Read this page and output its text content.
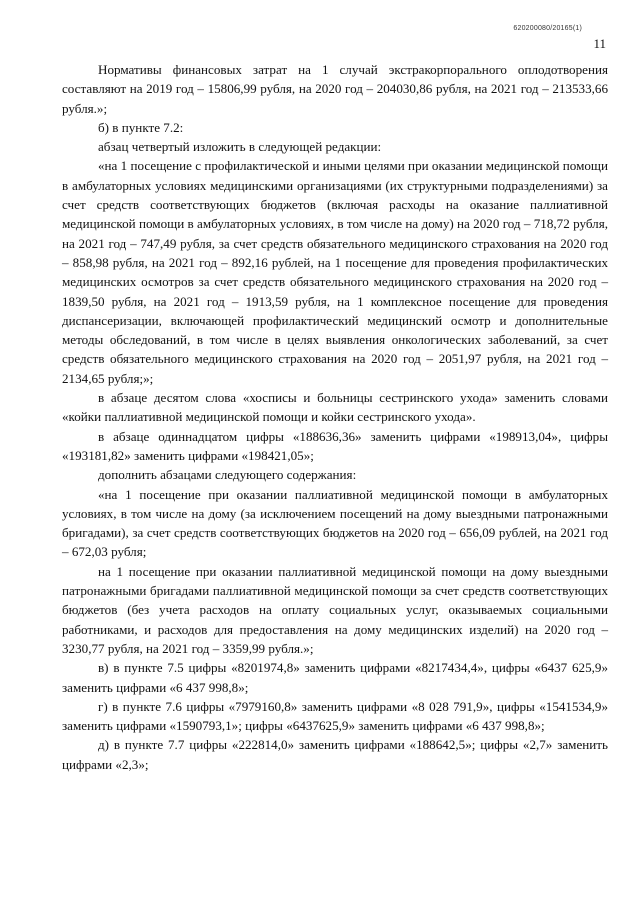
620200080/20165(1)
11

Нормативы финансовых затрат на 1 случай экстракорпорального оплодотворения составляют на 2019 год – 15806,99 рубля, на 2020 год – 204030,86 рубля, на 2021 год – 213533,66 рубля.»;

б) в пункте 7.2:

абзац четвертый изложить в следующей редакции:

«на 1 посещение с профилактической и иными целями при оказании медицинской помощи в амбулаторных условиях медицинскими организациями (их структурными подразделениями) за счет средств соответствующих бюджетов (включая расходы на оказание паллиативной медицинской помощи в амбулаторных условиях, в том числе на дому) на 2020 год – 718,72 рубля, на 2021 год – 747,49 рубля, за счет средств обязательного медицинского страхования на 2020 год – 858,98 рубля, на 2021 год – 892,16 рублей, на 1 посещение для проведения профилактических медицинских осмотров за счет средств обязательного медицинского страхования на 2020 год – 1839,50 рубля, на 2021 год – 1913,59 рубля, на 1 комплексное посещение для проведения диспансеризации, включающей профилактический медицинский осмотр и дополнительные методы обследований, в том числе в целях выявления онкологических заболеваний, за счет средств обязательного медицинского страхования на 2020 год – 2051,97 рубля, на 2021 год – 2134,65 рубля;»;

в абзаце десятом слова «хосписы и больницы сестринского ухода» заменить словами «койки паллиативной медицинской помощи и койки сестринского ухода».

в абзаце одиннадцатом цифры «188636,36» заменить цифрами «198913,04», цифры «193181,82» заменить цифрами «198421,05»;

дополнить абзацами следующего содержания:

«на 1 посещение при оказании паллиативной медицинской помощи в амбулаторных условиях, в том числе на дому (за исключением посещений на дому выездными патронажными бригадами), за счет средств соответствующих бюджетов на 2020 год – 656,09 рублей, на 2021 год – 672,03 рубля;

на 1 посещение при оказании паллиативной медицинской помощи на дому выездными патронажными бригадами паллиативной медицинской помощи за счет средств соответствующих бюджетов (без учета расходов на оплату социальных услуг, оказываемых социальными работниками, и расходов для предоставления на дому медицинских изделий) на 2020 год – 3230,77 рубля, на 2021 год – 3359,99 рубля.»;

в) в пункте 7.5 цифры «8201974,8» заменить цифрами «8217434,4», цифры «6437 625,9» заменить цифрами «6 437 998,8»;

г) в пункте 7.6 цифры «7979160,8» заменить цифрами «8 028 791,9», цифры «1541534,9» заменить цифрами «1590793,1»; цифры «6437625,9» заменить цифрами «6 437 998,8»;

д) в пункте 7.7 цифры «222814,0» заменить цифрами «188642,5»; цифры «2,7» заменить цифрами «2,3»;
